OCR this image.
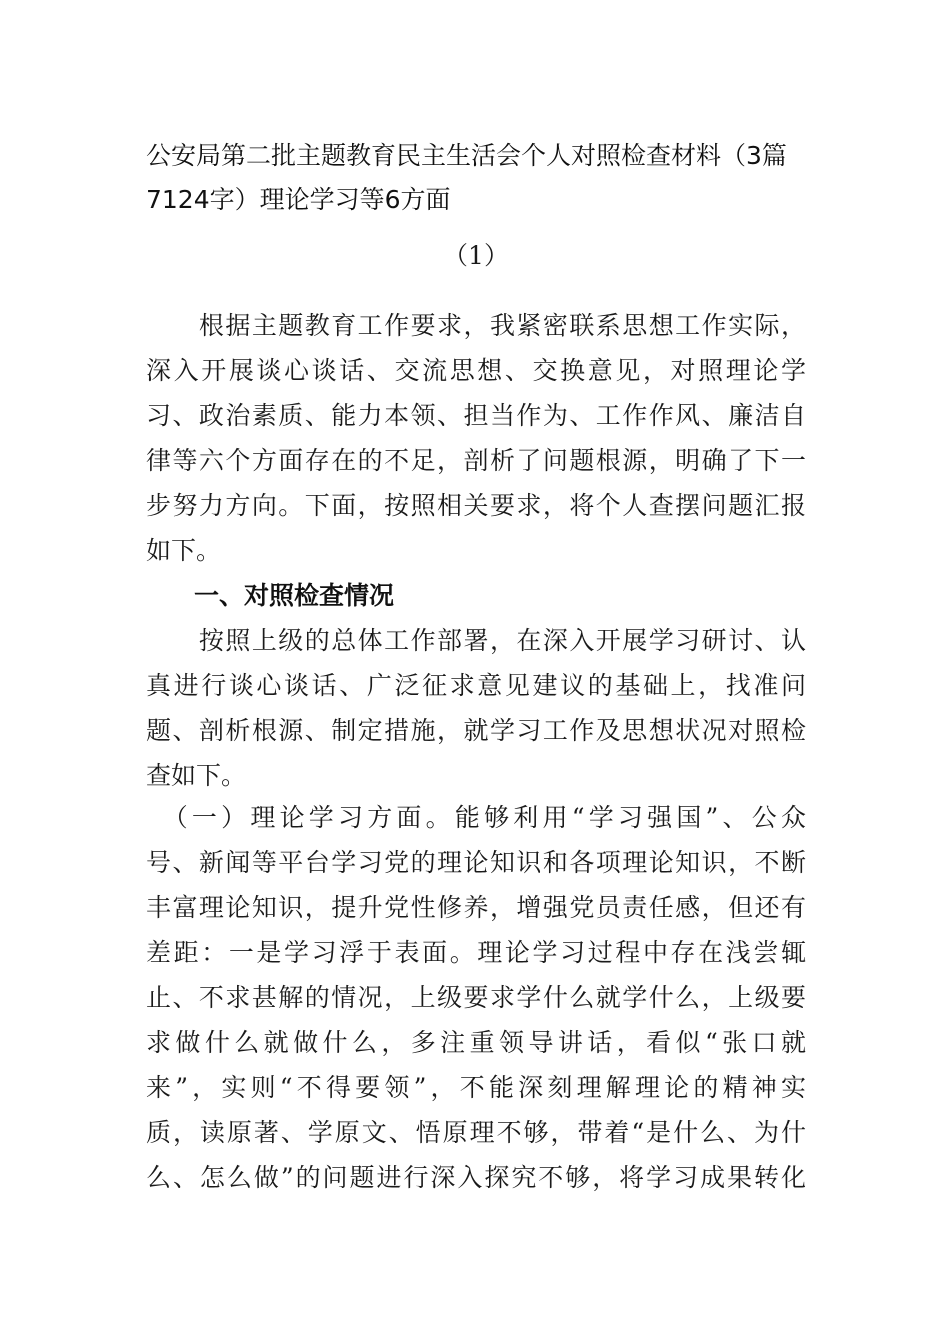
公安局第二批主题教育民主生活会个人对照检查材料（3篇
7124字）理论学习等6方面

（1）

　　根据主题教育工作要求，我紧密联系思想工作实际，
深入开展谈心谈话、交流思想、交换意见，对照理论学
习、政治素质、能力本领、担当作为、工作作风、廉洁自
律等六个方面存在的不足，剖析了问题根源，明确了下一
步努力方向。下面，按照相关要求，将个人查摆问题汇报
如下。

一、对照检查情况

　　按照上级的总体工作部署，在深入开展学习研讨、认
真进行谈心谈话、广泛征求意见建议的基础上，找准问
题、剖析根源、制定措施，就学习工作及思想状况对照检
查如下。

　（一）理论学习方面。能够利用“学习强国”、公众
号、新闻等平台学习党的理论知识和各项理论知识，不断
丰富理论知识，提升党性修养，增强党员责任感，但还有
差距：一是学习浮于表面。理论学习过程中存在浅尝辄
止、不求甚解的情况，上级要求学什么就学什么，上级要
求做什么就做什么，多注重领导讲话，看似“张口就
来”，实则“不得要领”，不能深刻理解理论的精神实
质，读原著、学原文、悟原理不够，带着“是什么、为什
么、怎么做”的问题进行深入探究不够，将学习成果转化
